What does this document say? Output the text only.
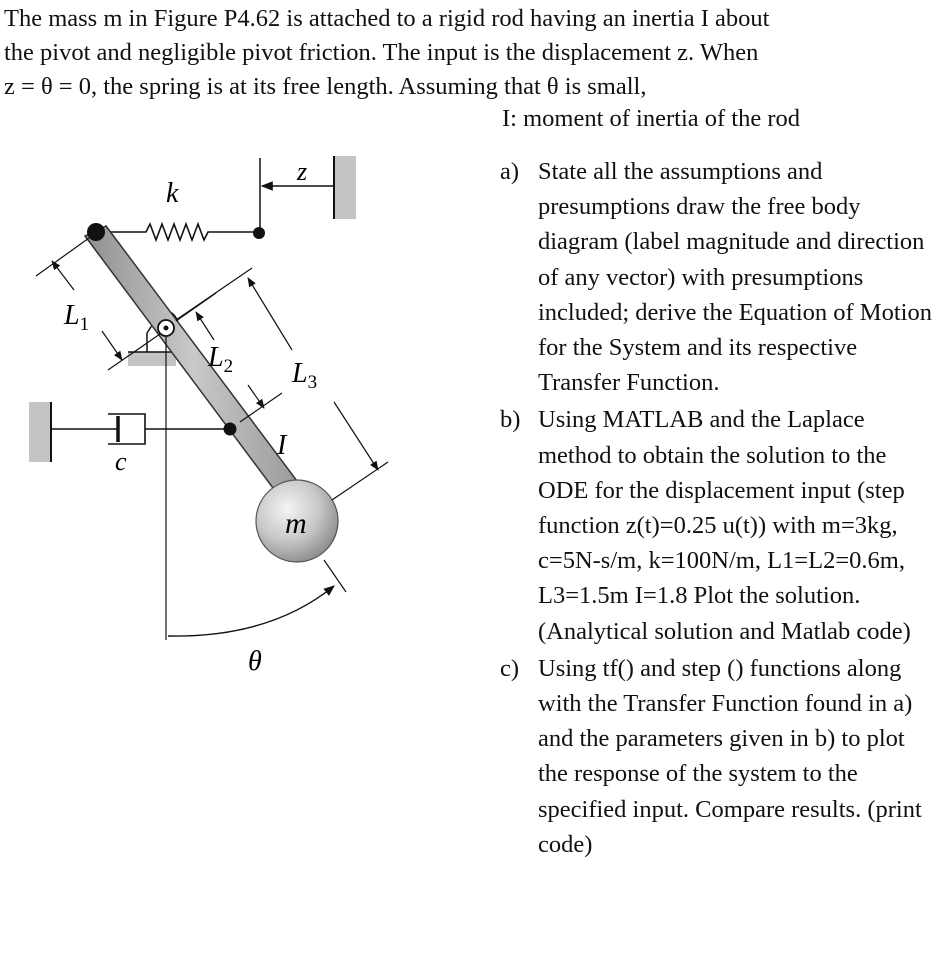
The mass m in Figure P4.62 is attached to a rigid rod having an inertia I about
the pivot and negligible pivot friction. The input is the displacement z. When
z = θ = 0, the spring is at its free length. Assuming that θ is small,
I: moment of inertia of the rod
z
k
c
m
$L_1$
$L_2$ $L_3$
I
θ
a) State all the assumptions and presumptions draw the free body diagram (label magnitude and direction of any vector) with presumptions included; derive the Equation of Motion for the System and its respective Transfer Function.
b) Using MATLAB and the Laplace method to obtain the solution to the ODE for the displacement input (step function z(t)=0.25 u(t)) with m=3kg, c=5N-s/m, k=100N/m, L1=L2=0.6m, L3=1.5m I=1.8 Plot the solution. (Analytical solution and Matlab code)
c) Using tf() and step () functions along with the Transfer Function found in a) and the parameters given in b) to plot the response of the system to the specified input. Compare results. (print code)
